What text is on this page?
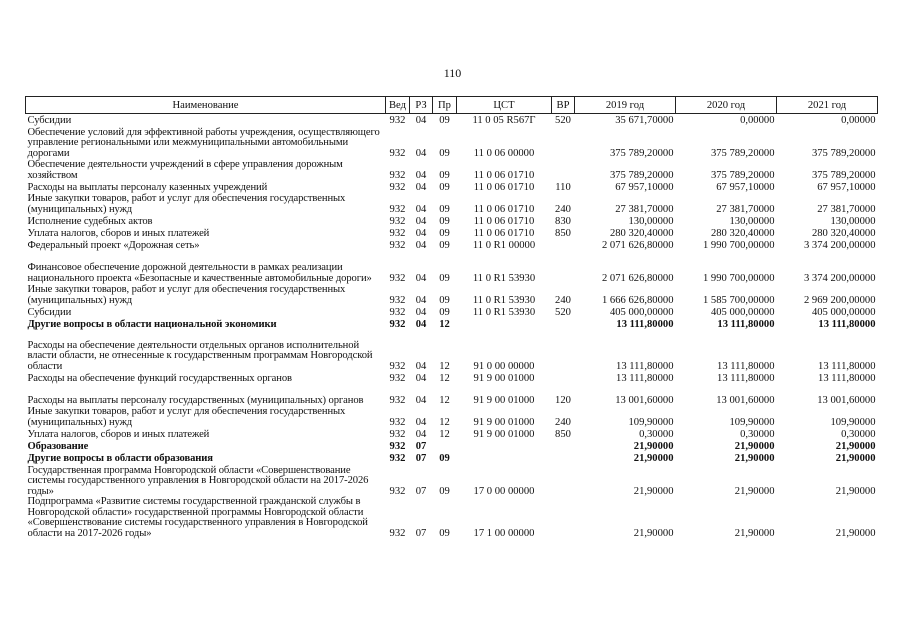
110
Наименование	Вед	РЗ	Пр	ЦСТ	ВР	2019 год	2020 год	2021 год
Субсидии	932	04	09	11 0 05 R567Г	520	35 671,70000	0,00000	0,00000
Обеспечение условий для эффективной работы учреждения, осуществляющего управление региональными или межмуниципальными автомобильными дорогами	932	04	09	11 0 06 00000		375 789,20000	375 789,20000	375 789,20000
Обеспечение деятельности учреждений в сфере управления дорожным хозяйством	932	04	09	11 0 06 01710		375 789,20000	375 789,20000	375 789,20000
Расходы на выплаты персоналу казенных учреждений	932	04	09	11 0 06 01710	110	67 957,10000	67 957,10000	67 957,10000
Иные закупки товаров, работ и услуг для обеспечения государственных (муниципальных) нужд	932	04	09	11 0 06 01710	240	27 381,70000	27 381,70000	27 381,70000
Исполнение судебных актов	932	04	09	11 0 06 01710	830	130,00000	130,00000	130,00000
Уплата налогов, сборов и иных платежей	932	04	09	11 0 06 01710	850	280 320,40000	280 320,40000	280 320,40000
Федеральный проект «Дорожная сеть»	932	04	09	11 0 R1 00000		2 071 626,80000	1 990 700,00000	3 374 200,00000
Финансовое обеспечение дорожной деятельности в рамках реализации национального проекта «Безопасные и качественные автомобильные дороги»	932	04	09	11 0 R1 53930		2 071 626,80000	1 990 700,00000	3 374 200,00000
Иные закупки товаров, работ и услуг для обеспечения государственных (муниципальных) нужд	932	04	09	11 0 R1 53930	240	1 666 626,80000	1 585 700,00000	2 969 200,00000
Субсидии	932	04	09	11 0 R1 53930	520	405 000,00000	405 000,00000	405 000,00000
Другие вопросы в области национальной экономики	932	04	12			13 111,80000	13 111,80000	13 111,80000
Расходы на обеспечение деятельности отдельных органов исполнительной власти области, не отнесенные к государственным программам Новгородской области	932	04	12	91 0 00 00000		13 111,80000	13 111,80000	13 111,80000
Расходы на обеспечение функций государственных органов	932	04	12	91 9 00 01000		13 111,80000	13 111,80000	13 111,80000
Расходы на выплаты персоналу государственных (муниципальных) органов	932	04	12	91 9 00 01000	120	13 001,60000	13 001,60000	13 001,60000
Иные закупки товаров, работ и услуг для обеспечения государственных (муниципальных) нужд	932	04	12	91 9 00 01000	240	109,90000	109,90000	109,90000
Уплата налогов, сборов и иных платежей	932	04	12	91 9 00 01000	850	0,30000	0,30000	0,30000
Образование	932	07				21,90000	21,90000	21,90000
Другие вопросы в области образования	932	07	09			21,90000	21,90000	21,90000
Государственная программа Новгородской области «Совершенствование системы государственного управления в Новгородской области на 2017-2026 годы»	932	07	09	17 0 00 00000		21,90000	21,90000	21,90000
Подпрограмма «Развитие системы государственной гражданской службы в Новгородской области» государственной программы Новгородской области «Совершенствование системы государственного управления в Новгородской области на 2017-2026 годы»	932	07	09	17 1 00 00000		21,90000	21,90000	21,90000
